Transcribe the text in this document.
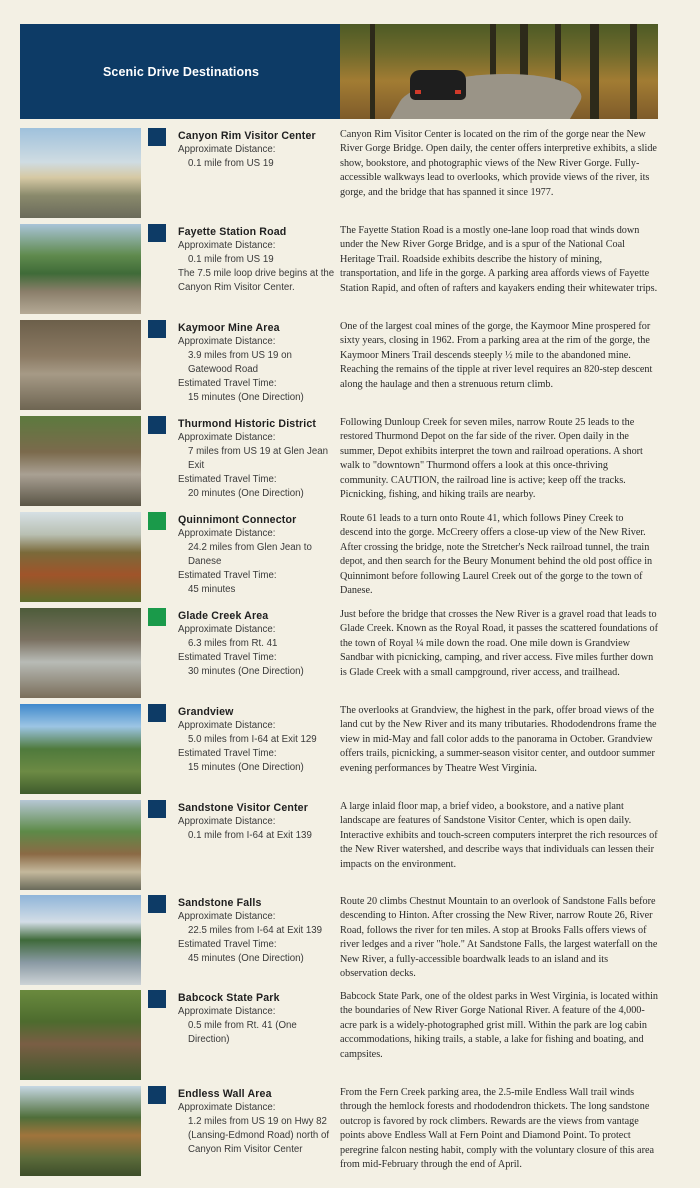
Scenic Drive Destinations
Canyon Rim Visitor Center
Approximate Distance:
0.1 mile from US 19
Canyon Rim Visitor Center is located on the rim of the gorge near the New River Gorge Bridge. Open daily, the center offers interpretive exhibits, a slide show, bookstore, and photographic views of the New River Gorge. Fully-accessible walkways lead to overlooks, which provide views of the river, its gorge, and the bridge that has spanned it since 1977.
Fayette Station Road
Approximate Distance:
0.1 mile from US 19
The 7.5 mile loop drive begins at the Canyon Rim Visitor Center.
The Fayette Station Road is a mostly one-lane loop road that winds down under the New River Gorge Bridge, and is a spur of the National Coal Heritage Trail. Roadside exhibits describe the history of mining, transportation, and life in the gorge. A parking area affords views of Fayette Station Rapid, and often of rafters and kayakers ending their whitewater trips.
Kaymoor Mine Area
Approximate Distance:
3.9 miles from US 19 on Gatewood Road
Estimated Travel Time:
15 minutes (One Direction)
One of the largest coal mines of the gorge, the Kaymoor Mine prospered for sixty years, closing in 1962. From a parking area at the rim of the gorge, the Kaymoor Miners Trail descends steeply ½ mile to the abandoned mine. Reaching the remains of the tipple at river level requires an 820-step descent along the haulage and then a strenuous return climb.
Thurmond Historic District
Approximate Distance:
7 miles from US 19 at Glen Jean Exit
Estimated Travel Time:
20 minutes (One Direction)
Following Dunloup Creek for seven miles, narrow Route 25 leads to the restored Thurmond Depot on the far side of the river. Open daily in the summer, Depot exhibits interpret the town and railroad operations. A short walk to "downtown" Thurmond offers a look at this once-thriving community. CAUTION, the railroad line is active; keep off the tracks. Picnicking, fishing, and hiking trails are nearby.
Quinnimont Connector
Approximate Distance:
24.2 miles from Glen Jean to Danese
Estimated Travel Time:
45 minutes
Route 61 leads to a turn onto Route 41, which follows Piney Creek to descend into the gorge. McCreery offers a close-up view of the New River. After crossing the bridge, note the Stretcher's Neck railroad tunnel, the train depot, and then search for the Beury Monument behind the old post office in Quinnimont before following Laurel Creek out of the gorge to the town of Danese.
Glade Creek Area
Approximate Distance:
6.3 miles from Rt. 41
Estimated Travel Time:
30 minutes (One Direction)
Just before the bridge that crosses the New River is a gravel road that leads to Glade Creek. Known as the Royal Road, it passes the scattered foundations of the town of Royal ¼ mile down the road. One mile down is Grandview Sandbar with picnicking, camping, and river access. Five miles further down is Glade Creek with a small campground, river access, and trailhead.
Grandview
Approximate Distance:
5.0 miles from I-64 at Exit 129
Estimated Travel Time:
15 minutes (One Direction)
The overlooks at Grandview, the highest in the park, offer broad views of the land cut by the New River and its many tributaries. Rhododendrons frame the view in mid-May and fall color adds to the panorama in October. Grandview offers trails, picnicking, a summer-season visitor center, and outdoor summer evening performances by Theatre West Virginia.
Sandstone Visitor Center
Approximate Distance:
0.1 mile from I-64 at Exit 139
A large inlaid floor map, a brief video, a bookstore, and a native plant landscape are features of Sandstone Visitor Center, which is open daily. Interactive exhibits and touch-screen computers interpret the rich resources of the New River watershed, and describe ways that individuals can lessen their impacts on the environment.
Sandstone Falls
Approximate Distance:
22.5 miles from I-64 at Exit 139
Estimated Travel Time:
45 minutes (One Direction)
Route 20 climbs Chestnut Mountain to an overlook of Sandstone Falls before descending to Hinton. After crossing the New River, narrow Route 26, River Road, follows the river for ten miles. A stop at Brooks Falls offers views of river ledges and a river "hole." At Sandstone Falls, the largest waterfall on the New River, a fully-accessible boardwalk leads to an island and its observation decks.
Babcock State Park
Approximate Distance:
0.5 mile from Rt. 41 (One Direction)
Babcock State Park, one of the oldest parks in West Virginia, is located within the boundaries of New River Gorge National River. A feature of the 4,000-acre park is a widely-photographed grist mill. Within the park are log cabin accommodations, hiking trails, a stable, a lake for fishing and boating, and campsites.
Endless Wall Area
Approximate Distance:
1.2 miles from US 19 on Hwy 82 (Lansing-Edmond Road) north of Canyon Rim Visitor Center
From the Fern Creek parking area, the 2.5-mile Endless Wall trail winds through the hemlock forests and rhododendron thickets. The long sandstone outcrop is favored by rock climbers. Rewards are the views from vantage points above Endless Wall at Fern Point and Diamond Point. To protect peregrine falcon nesting habit, comply with the voluntary closure of this area from mid-February through the end of April.
